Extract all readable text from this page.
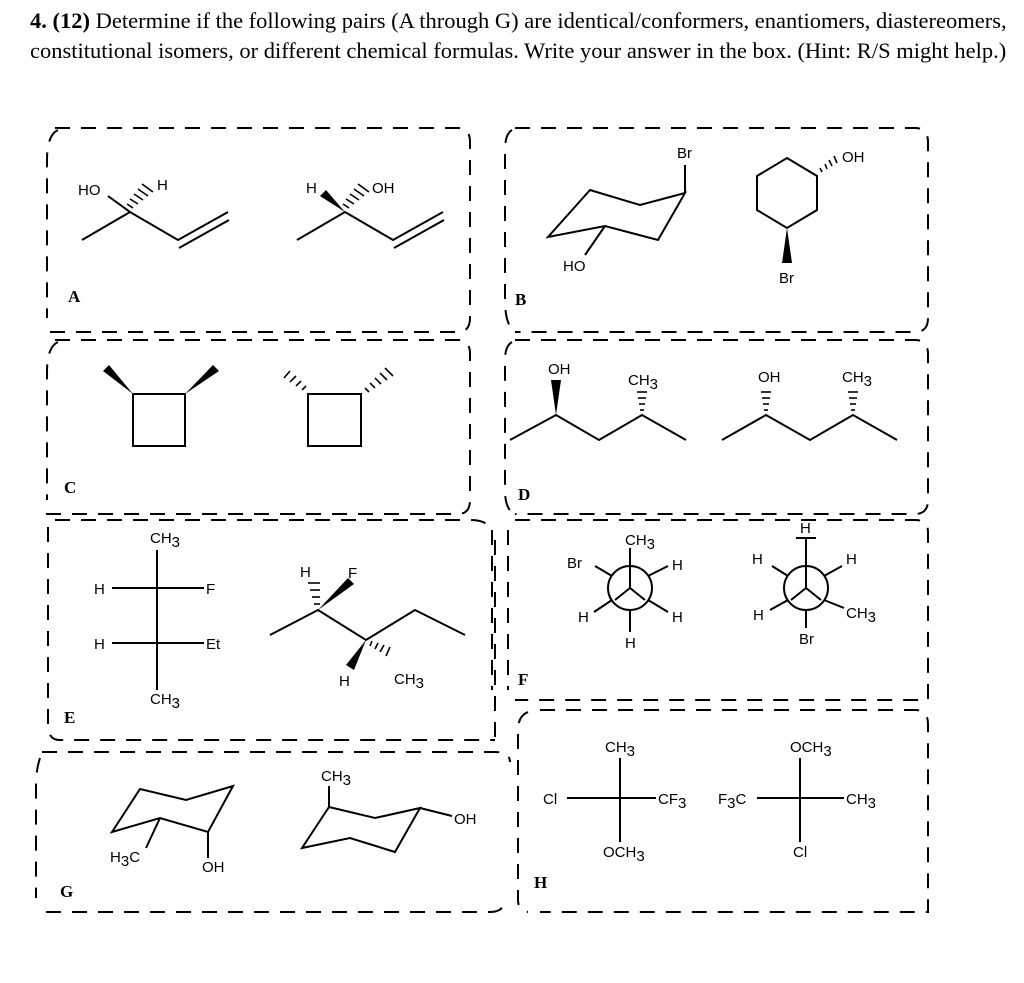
4. (12) Determine if the following pairs (A through G) are identical/conformers, enantiomers, diastereomers, constitutional isomers, or different chemical formulas. Write your answer in the box. (Hint: R/S might help.)

A
HO	H	H	OH
B
Br
HO
OH
Br
C	D
OH
CH3	OH	CH3
E
CH3
H	F
H	Et
CH3
H F
H	CH3	F
CH3
Br	H
H	H
H
H
H	H
H	CH3
Br
G
H3C
OH
CH3
OH
H
CH3
Cl	CF3
OCH3
OCH3
F3C	CH3
Cl
